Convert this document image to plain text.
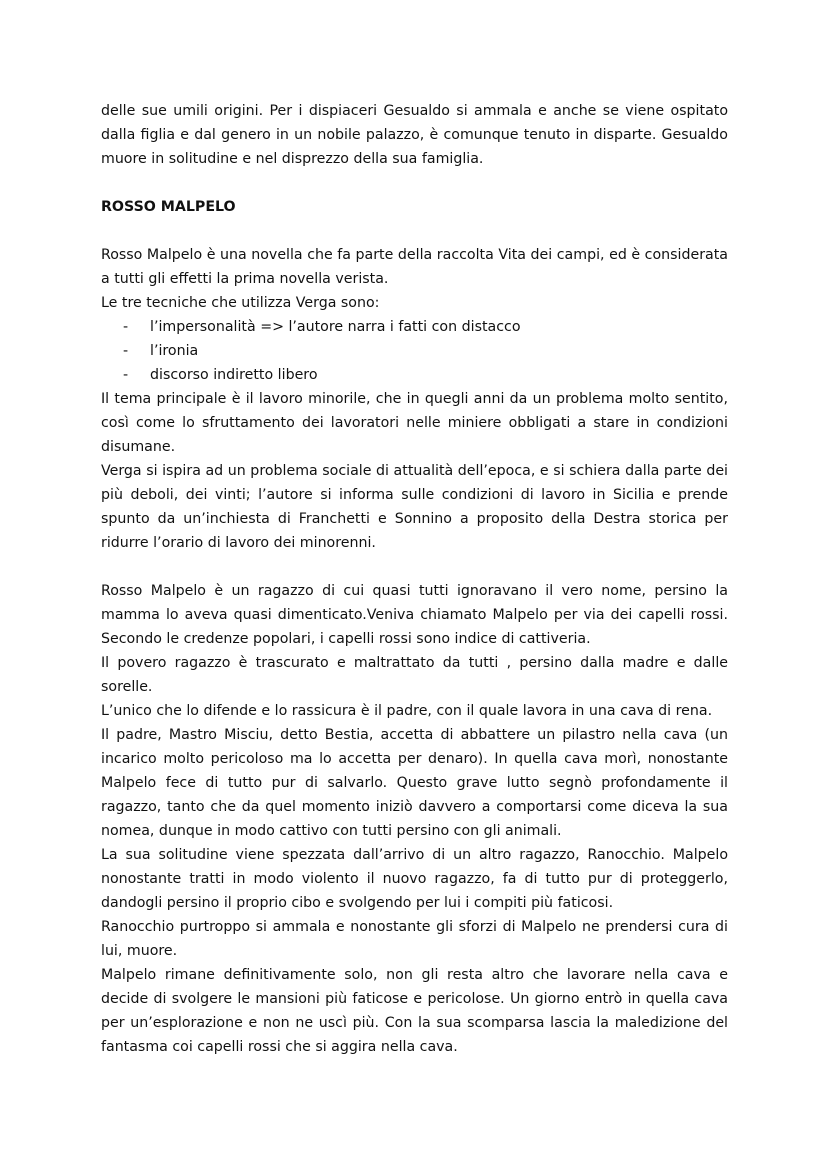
delle sue umili origini. Per i dispiaceri Gesualdo si ammala e anche se viene ospitato dalla figlia e dal genero in un nobile palazzo, è comunque tenuto in disparte. Gesualdo muore in solitudine e nel disprezzo della sua famiglia.

ROSSO MALPELO

Rosso Malpelo è una novella che fa parte della raccolta Vita dei campi, ed è considerata a tutti gli effetti la prima novella verista.

Le tre tecniche che utilizza Verga sono:

-	l’impersonalità => l’autore narra i fatti con distacco
-	l’ironia
-	discorso indiretto libero

Il tema principale è il lavoro minorile, che in quegli anni da un problema molto sentito, così come lo sfruttamento dei lavoratori nelle miniere obbligati a stare in condizioni disumane.

Verga si ispira ad un problema sociale di attualità dell’epoca, e si schiera dalla parte dei più deboli, dei vinti; l’autore si informa sulle condizioni di lavoro in Sicilia e prende spunto da un’inchiesta di Franchetti e Sonnino a proposito della Destra storica per ridurre l’orario di lavoro dei minorenni.

Rosso Malpelo è un ragazzo di cui quasi tutti ignoravano il vero nome, persino la mamma lo aveva quasi dimenticato.Veniva chiamato Malpelo per via dei capelli rossi. Secondo le credenze popolari, i capelli rossi sono indice di cattiveria.

Il povero ragazzo è trascurato e maltrattato da tutti , persino dalla madre e dalle sorelle.

L’unico che lo difende e lo rassicura è il padre, con il quale lavora in una cava di rena.

Il padre, Mastro Misciu, detto Bestia, accetta di abbattere un pilastro nella cava (un incarico molto pericoloso ma lo accetta per denaro). In quella cava morì, nonostante Malpelo fece di tutto pur di salvarlo. Questo grave lutto segnò profondamente il ragazzo, tanto che da quel momento iniziò davvero a comportarsi come diceva la sua nomea, dunque in modo cattivo con tutti persino con gli animali.

La sua solitudine viene spezzata dall’arrivo di un altro ragazzo, Ranocchio. Malpelo nonostante tratti in modo violento il nuovo ragazzo, fa di tutto pur di proteggerlo, dandogli persino il proprio cibo e svolgendo per lui i compiti più faticosi.

Ranocchio purtroppo si ammala e nonostante gli sforzi di Malpelo ne prendersi cura di lui, muore.

Malpelo rimane definitivamente solo, non gli resta altro che lavorare nella cava e decide di svolgere le mansioni più faticose e pericolose. Un giorno entrò in quella cava per un’esplorazione e non ne uscì più. Con la sua scomparsa lascia la maledizione del fantasma coi capelli rossi che si aggira nella cava.
